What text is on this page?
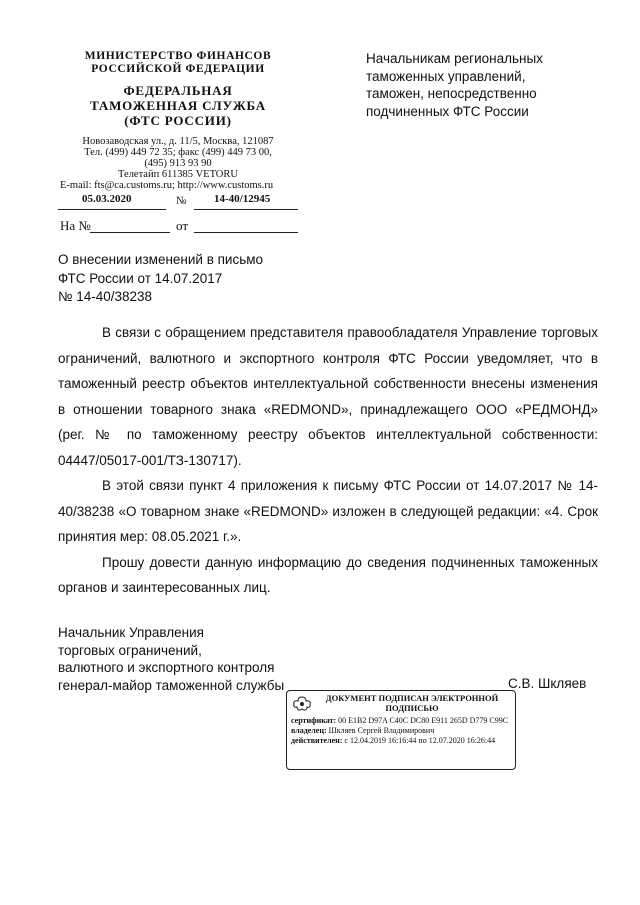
МИНИСТЕРСТВО ФИНАНСОВ
РОССИЙСКОЙ ФЕДЕРАЦИИ
ФЕДЕРАЛЬНАЯ
ТАМОЖЕННАЯ СЛУЖБА
(ФТС РОССИИ)
Новозаводская ул., д. 11/5, Москва, 121087
Тел. (499) 449 72 35; факс (499) 449 73 00,
(495) 913 93 90
Телетайп 611385 VETORU
E-mail: fts@ca.customs.ru; http://www.customs.ru
05.03.2020	№	14-40/12945
На №	от
Начальникам региональных
таможенных управлений,
таможен, непосредственно
подчиненных ФТС России
О внесении изменений в письмо
ФТС России от 14.07.2017
№ 14-40/38238

В связи с обращением представителя правообладателя Управление торговых ограничений, валютного и экспортного контроля ФТС России уведомляет, что в таможенный реестр объектов интеллектуальной собственности внесены изменения в отношении товарного знака «REDMOND», принадлежащего ООО «РЕДМОНД» (рег. № по таможенному реестру объектов интеллектуальной собственности: 04447/05017-001/ТЗ-130717).

В этой связи пункт 4 приложения к письму ФТС России от 14.07.2017 № 14-40/38238 «О товарном знаке «REDMOND» изложен в следующей редакции: «4. Срок принятия мер: 08.05.2021 г.».

Прошу довести данную информацию до сведения подчиненных таможенных органов и заинтересованных лиц.

Начальник Управления
торговых ограничений,
валютного и экспортного контроля
генерал-майор таможенной службы	С.В. Шкляев
ДОКУМЕНТ ПОДПИСАН ЭЛЕКТРОННОЙ
ПОДПИСЬЮ
сертификат: 00 E1B2 D97A C40C DC80 E911 265D D779 C99C
владелец: Шкляев Сергей Владимирович
действителен: с 12.04.2019 16:16:44 по 12.07.2020 16:26:44
